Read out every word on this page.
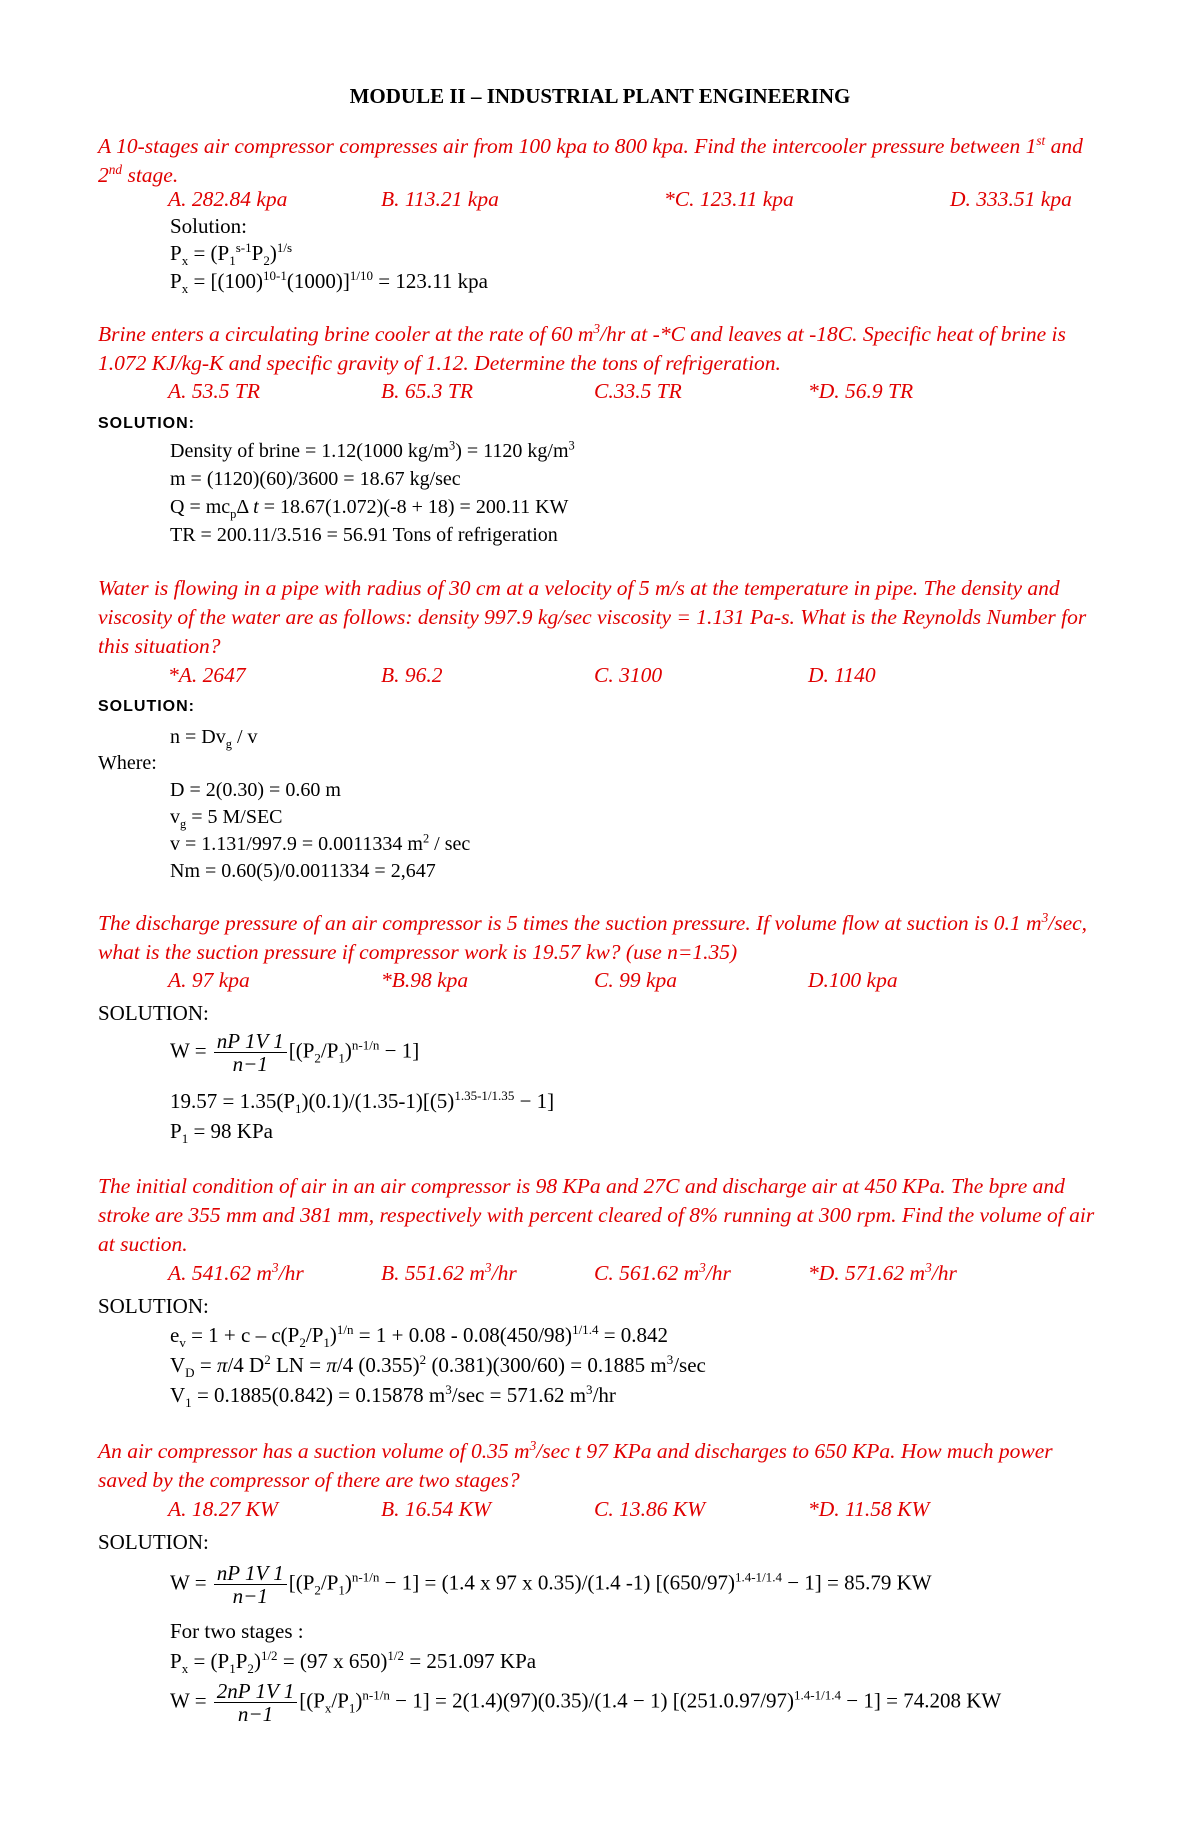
MODULE II – INDUSTRIAL PLANT ENGINEERING
A 10-stages air compressor compresses air from 100 kpa to 800 kpa. Find the intercooler pressure between 1st and 2nd stage.
A. 282.84 kpa	B. 113.21 kpa	*C. 123.11 kpa	D. 333.51 kpa
Solution:
$P_x = (P_1^{s-1}P_2)^{1/s}$
$P_x = [(100)^{10-1}(1000)]^{1/10} = 123.11$ kpa
Brine enters a circulating brine cooler at the rate of 60 $m^3/hr$ at -*C and leaves at -18C. Specific heat of brine is 1.072 KJ/kg-K and specific gravity of 1.12. Determine the tons of refrigeration.
A. 53.5 TR	B. 65.3 TR	C.33.5 TR	*D. 56.9 TR
SOLUTION:
Density of brine = 1.12(1000 $kg/m^3) = 1120$ $kg/m^3$
m = (1120)(60)/3600 = 18.67 kg/sec
$Q = mc_p\Delta$ t = 18.67(1.072)(-8 + 18) = 200.11 KW
TR = 200.11/3.516 = 56.91 Tons of refrigeration
Water is flowing in a pipe with radius of 30 cm at a velocity of 5 m/s at the temperature in pipe. The density and viscosity of the water are as follows: density 997.9 kg/sec viscosity = 1.131 Pa-s. What is the Reynolds Number for this situation?
*A. 2647	B. 96.2	C. 3100	D. 1140
SOLUTION:
$n = Dv_g / v$
Where:
D = 2(0.30) = 0.60 m
$v_g = 5$ M/SEC
v = 1.131/997.9 = 0.0011334 $m^2$ / sec
Nm = 0.60(5)/0.0011334 = 2,647
The discharge pressure of an air compressor is 5 times the suction pressure. If volume flow at suction is 0.1 $m^3/\sec$, what is the suction pressure if compressor work is 19.57 kw? (use n=1.35)
A. 97 kpa	*B.98 kpa	C. 99 kpa	D.100 kpa
SOLUTION:
$W = \frac{nP 1V 1}{n-1} [(P_2/P_1)^{n-1/n} - 1]$
$19.57 = 1.35(P_1)(0.1)/(1.35-1)[(5)^{1.35-1/1.35} - 1]$
$P_1 = 98$ KPa
The initial condition of air in an air compressor is 98 KPa and 27C and discharge air at 450 KPa. The bpre and stroke are 355 mm and 381 mm, respectively with percent cleared of 8% running at 300 rpm. Find the volume of air at suction.
A. 541.62 $m^3/hr$	B. 551.62 $m^3/hr$	C. 561.62 $m^3/hr$	*D. 571.62 $m^3/hr$
SOLUTION:
$e_v = 1 + c - c(P_2/P_1)^{1/n} = 1 + 0.08 - 0.08(450/98)^{1/1.4} = 0.842$
$V_D = \pi/4$ $D^2$ LN = π/4 $(0.355)^2$ (0.381)(300/60) = 0.1885 $m^3/\sec$
$V_1 = 0.1885(0.842) = 0.15878$ $m^3/\sec = 571.62$ $m^3/hr$
An air compressor has a suction volume of 0.35 $m^3/\sec$ t 97 KPa and discharges to 650 KPa. How much power saved by the compressor of there are two stages?
A. 18.27 KW	B. 16.54 KW	C. 13.86 KW	*D. 11.58 KW
SOLUTION:
$W = \frac{nP 1V 1}{n-1} [(P_2/P_1)^{n-1/n} - 1] = (1.4$ x 97 x 0.35)/(1.4 -1) $[(650/97)^{1.4-1/1.4} - 1] = 85.79$ KW
For two stages :
$P_x = (P_1P_2)^{1/2} = (97$ x 650)$^{1/2}$ = 251.097 KPa
$W = \frac{2nP 1V 1}{n-1} [(P_x/P_1)^{n-1/n} - 1] = 2(1.4)(97)(0.35)/(1.4 - 1) [(251.0.97/97)^{1.4-1/1.4} - 1] = 74.208$ KW
